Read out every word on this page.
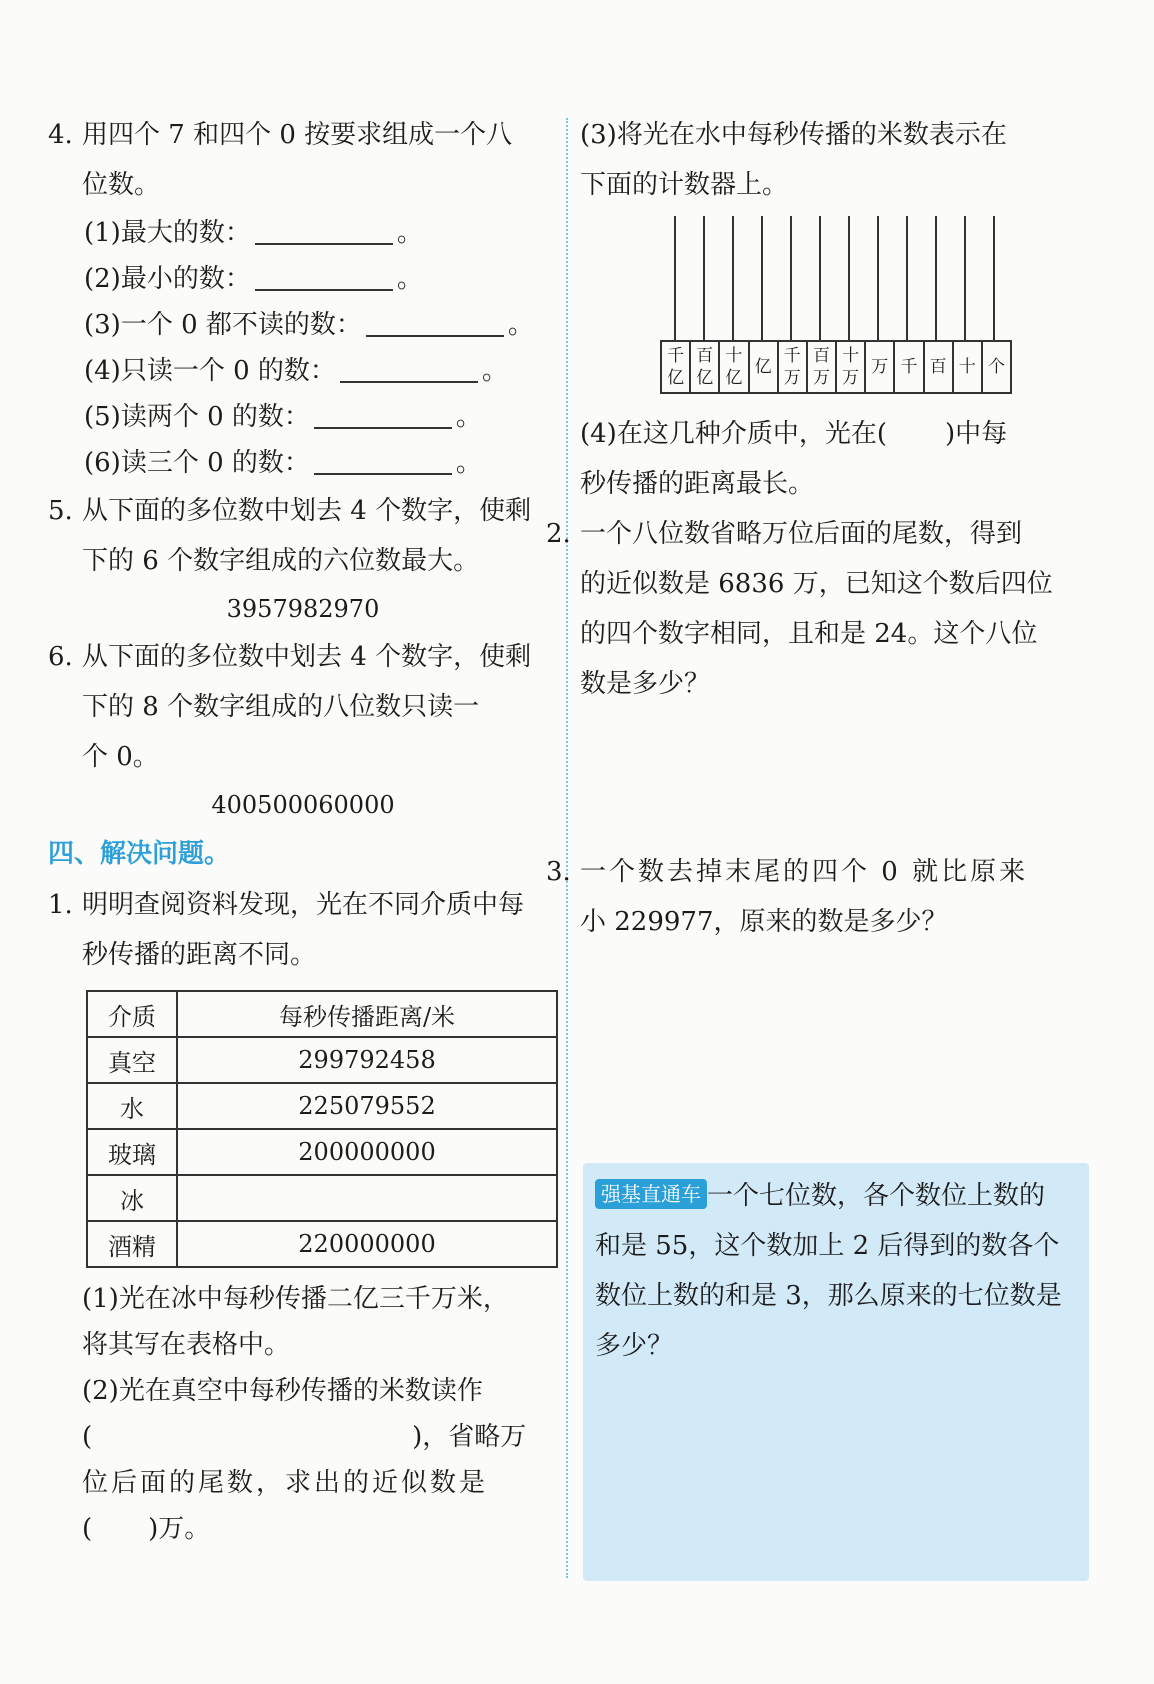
4. 用四个 7 和四个 0 按要求组成一个八
位数。
(1)最大的数：	。
(2)最小的数：	。
(3)一个 0 都不读的数：	。
(4)只读一个 0 的数：	。
(5)读两个 0 的数：	。
(6)读三个 0 的数：	。
5. 从下面的多位数中划去 4 个数字，使剩
下的 6 个数字组成的六位数最大。
3957982970
6. 从下面的多位数中划去 4 个数字，使剩
下的 8 个数字组成的八位数只读一
个 0。
400500060000
四、解决问题。
1. 明明查阅资料发现，光在不同介质中每
秒传播的距离不同。
介质	每秒传播距离/米
真空	299792458
水	225079552
玻璃	200000000
冰	
酒精	220000000
(1)光在冰中每秒传播二亿三千万米，
将其写在表格中。
(2)光在真空中每秒传播的米数读作
(	)，省略万
位后面的尾数，求出的近似数是
( )万。
(3)将光在水中每秒传播的米数表示在
下面的计数器上。
千
亿
百
亿
十
亿
亿
千
万
百
万
十
万
万 千 百 十 个
(4)在这几种介质中，光在( )中每
秒传播的距离最长。
2. 一个八位数省略万位后面的尾数，得到
的近似数是 6836 万，已知这个数后四位
的四个数字相同，且和是 24。这个八位
数是多少？
3. 一个数去掉末尾的四个 0 就比原来
小 229977，原来的数是多少？
强基直通车 一个七位数，各个数位上数的
和是 55，这个数加上 2 后得到的数各个
数位上数的和是 3，那么原来的七位数是
多少？
